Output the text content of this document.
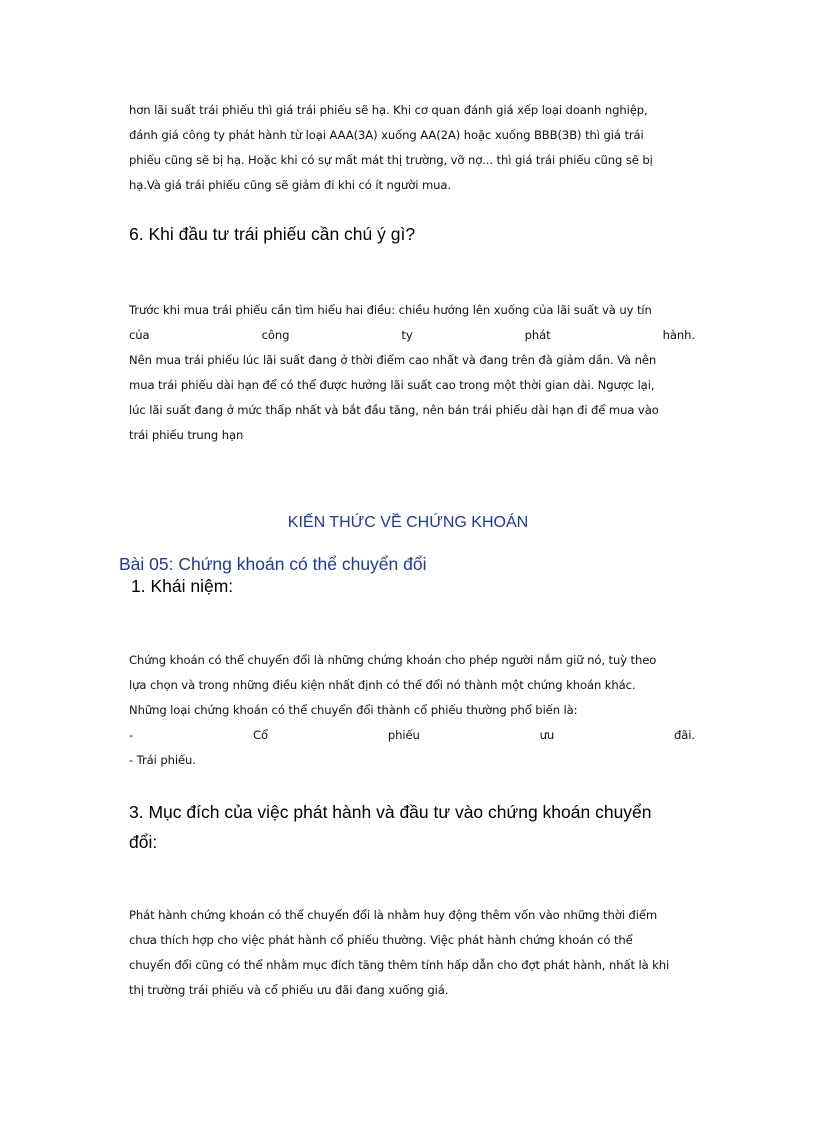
hơn lãi suất trái phiếu thì giá trái phiếu sẽ hạ. Khi cơ quan đánh giá xếp loại doanh nghiệp,
đánh giá công ty phát hành từ loại AAA(3A) xuống AA(2A) hoặc xuống BBB(3B) thì giá trái
phiếu cũng sẽ bị hạ. Hoặc khi có sự mất mát thị trường, vỡ nợ... thì giá trái phiếu cũng sẽ bị
hạ.Và giá trái phiếu cũng sẽ giảm đi khi có ít người mua.
6. Khi đầu tư trái phiếu cần chú ý gì?
Trước khi mua trái phiếu cần tìm hiểu hai điều: chiều hướng lên xuống của lãi suất và uy tín
của	công	ty	phát	hành.
Nên mua trái phiếu lúc lãi suất đang ở thời điểm cao nhất và đang trên đà giảm dần. Và nên
mua trái phiếu dài hạn để có thể được hưởng lãi suất cao trong một thời gian dài. Ngược lại,
lúc lãi suất đang ở mức thấp nhất và bắt đầu tăng, nên bán trái phiếu dài hạn đi để mua vào
trái phiếu trung hạn
KIẾN THỨC VỀ CHỨNG KHOÁN
Bài 05: Chứng khoán có thể chuyển đổi
1. Khái niệm:
Chứng khoán có thể chuyển đổi là những chứng khoán cho phép người nắm giữ nó, tuỳ theo
lựa chọn và trong những điều kiện nhất định có thể đổi nó thành một chứng khoán khác.
Những loại chứng khoán có thể chuyển đổi thành cổ phiếu thường phổ biến là:
-	Cổ	phiếu	ưu	đãi.
- Trái phiếu.
3. Mục đích của việc phát hành và đầu tư vào chứng khoán chuyển
đổi:
Phát hành chứng khoán có thể chuyển đổi là nhằm huy động thêm vốn vào những thời điểm
chưa thích hợp cho việc phát hành cổ phiếu thường. Việc phát hành chứng khoán có thể
chuyển đổi cũng có thể nhằm mục đích tăng thêm tính hấp dẫn cho đợt phát hành, nhất là khi
thị trường trái phiếu và cổ phiếu ưu đãi đang xuống giá.
